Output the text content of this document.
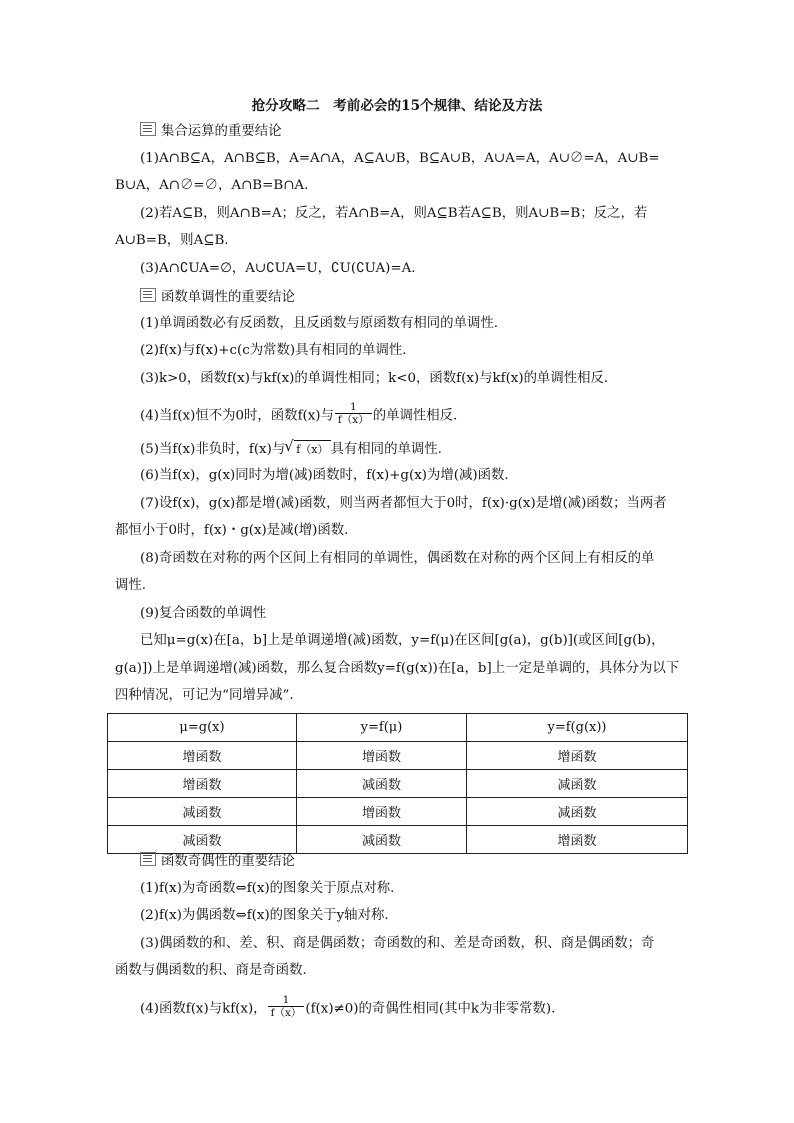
抢分攻略二　考前必会的15个规律、结论及方法
集合运算的重要结论
(1)A∩B⊆A，A∩B⊆B，A=A∩A，A⊆A∪B，B⊆A∪B，A∪A=A，A∪∅=A，A∪B=
B∪A，A∩∅=∅，A∩B=B∩A.
(2)若A⊆B，则A∩B=A；反之，若A∩B=A，则A⊆B若A⊆B，则A∪B=B；反之，若
A∪B=B，则A⊆B.
(3)A∩∁UA=∅，A∪∁UA=U，∁U(∁UA)=A.
函数单调性的重要结论
(1)单调函数必有反函数，且反函数与原函数有相同的单调性.
(2)f(x)与f(x)+c(c为常数)具有相同的单调性.
(3)k>0，函数f(x)与kf(x)的单调性相同；k<0，函数f(x)与kf(x)的单调性相反.
(4)当f(x)恒不为0时，函数f(x)与 $\frac{1}{f(x)}$ 的单调性相反.
(5)当f(x)非负时，f(x)与 √ f（x） 具有相同的单调性.
(6)当f(x)，g(x)同时为增(减)函数时，f(x)+g(x)为增(减)函数.
(7)设f(x)，g(x)都是增(减)函数，则当两者都恒大于0时，f(x)·g(x)是增(减)函数；当两者
都恒小于0时，f(x)・g(x)是减(增)函数.
(8)奇函数在对称的两个区间上有相同的单调性，偶函数在对称的两个区间上有相反的单
调性.
(9)复合函数的单调性
已知μ=g(x)在[a，b]上是单调递增(减)函数，y=f(μ)在区间[g(a)，g(b)](或区间[g(b)，
g(a)])上是单调递增(减)函数，那么复合函数y=f(g(x))在[a，b]上一定是单调的，具体分为以下
四种情况，可记为“同增异减”.
μ=g(x)	y=f(μ)	y=f(g(x))
增函数	增函数	增函数
增函数	减函数	减函数
减函数	增函数	减函数
减函数	减函数	增函数
函数奇偶性的重要结论
(1)f(x)为奇函数⇔f(x)的图象关于原点对称.
(2)f(x)为偶函数⇔f(x)的图象关于y轴对称.
(3)偶函数的和、差、积、商是偶函数；奇函数的和、差是奇函数，积、商是偶函数；奇
函数与偶函数的积、商是奇函数.
(4)函数f(x)与kf(x)， $\frac{1}{f(x)} (f(x)\ne 0)$的奇偶性相同(其中k为非零常数).
